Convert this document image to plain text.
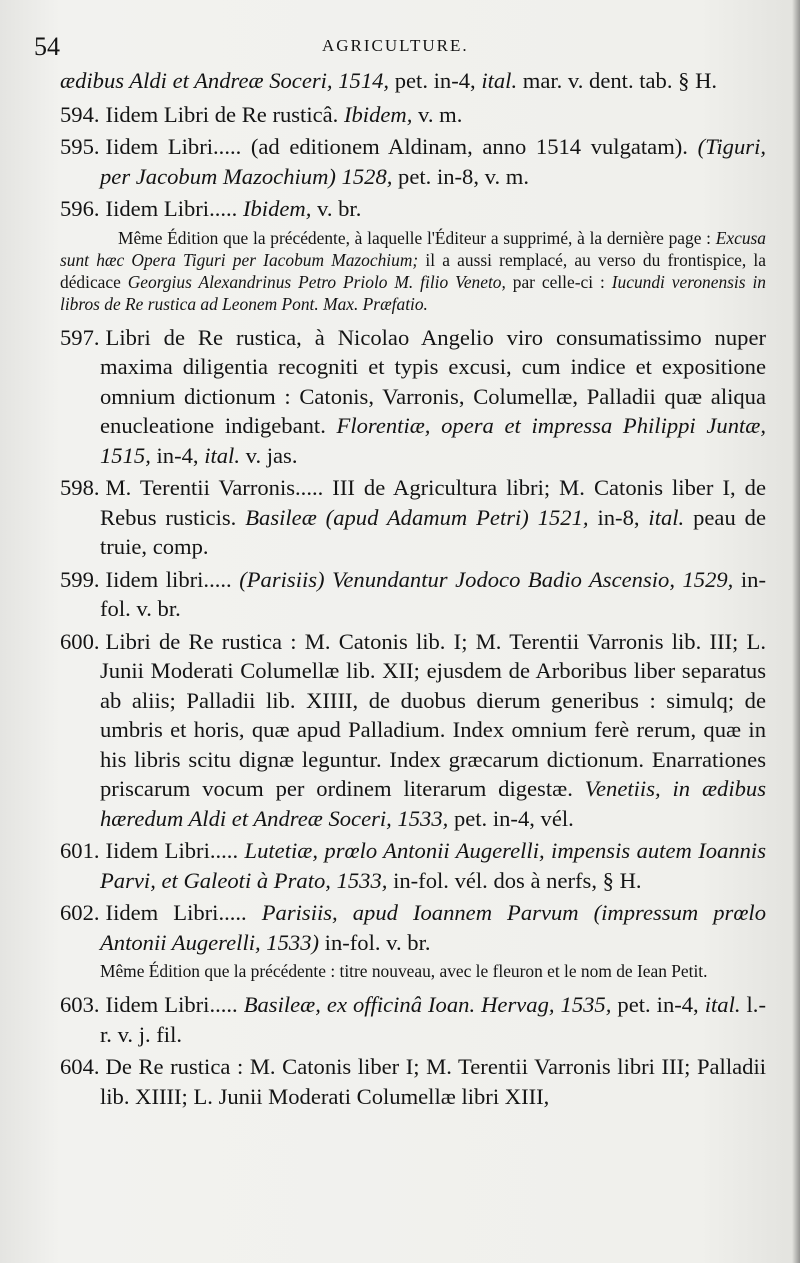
54	AGRICULTURE.

ædibus Aldi et Andreæ Soceri, 1514, pet. in-4, ital. mar. v. dent. tab. § H.

594. Iidem Libri de Re rusticâ. Ibidem, v. m.

595. Iidem Libri..... (ad editionem Aldinam, anno 1514 vulgatam). (Tiguri, per Jacobum Mazochium) 1528, pet. in-8, v. m.

596. Iidem Libri..... Ibidem, v. br.

Même Édition que la précédente, à laquelle l'Éditeur a supprimé, à la dernière page : Excusa sunt hæc Opera Tiguri per Iacobum Mazochium; il a aussi remplacé, au verso du frontispice, la dédicace Georgius Alexandrinus Petro Priolo M. filio Veneto, par celle-ci : Iucundi veronensis in libros de Re rustica ad Leonem Pont. Max. Præfatio.

597. Libri de Re rustica, à Nicolao Angelio viro consumatissimo nuper maxima diligentia recogniti et typis excusi, cum indice et expositione omnium dictionum : Catonis, Varronis, Columellæ, Palladii quæ aliqua enucleatione indigebant. Florentiæ, opera et impressa Philippi Juntæ, 1515, in-4, ital. v. jas.

598. M. Terentii Varronis..... III de Agricultura libri; M. Catonis liber I, de Rebus rusticis. Basileæ (apud Adamum Petri) 1521, in-8, ital. peau de truie, comp.

599. Iidem libri..... (Parisiis) Venundantur Jodoco Badio Ascensio, 1529, in-fol. v. br.

600. Libri de Re rustica : M. Catonis lib. I; M. Terentii Varronis lib. III; L. Junii Moderati Columellæ lib. XII; ejusdem de Arboribus liber separatus ab aliis; Palladii lib. XIIII, de duobus dierum generibus : simulq; de umbris et horis, quæ apud Palladium. Index omnium ferè rerum, quæ in his libris scitu dignæ leguntur. Index græcarum dictionum. Enarrationes priscarum vocum per ordinem literarum digestæ. Venetiis, in ædibus hæredum Aldi et Andreæ Soceri, 1533, pet. in-4, vél.

601. Iidem Libri..... Lutetiæ, prœlo Antonii Augerelli, impensis autem Ioannis Parvi, et Galeoti à Prato, 1533, in-fol. vél. dos à nerfs, § H.

602. Iidem Libri..... Parisiis, apud Ioannem Parvum (impressum prœlo Antonii Augerelli, 1533) in-fol. v. br.

Même Édition que la précédente : titre nouveau, avec le fleuron et le nom de Iean Petit.

603. Iidem Libri..... Basileæ, ex officinâ Ioan. Hervag, 1535, pet. in-4, ital. l.-r. v. j. fil.

604. De Re rustica : M. Catonis liber I; M. Terentii Varronis libri III; Palladii lib. XIIII; L. Junii Moderati Columellæ libri XIII,
